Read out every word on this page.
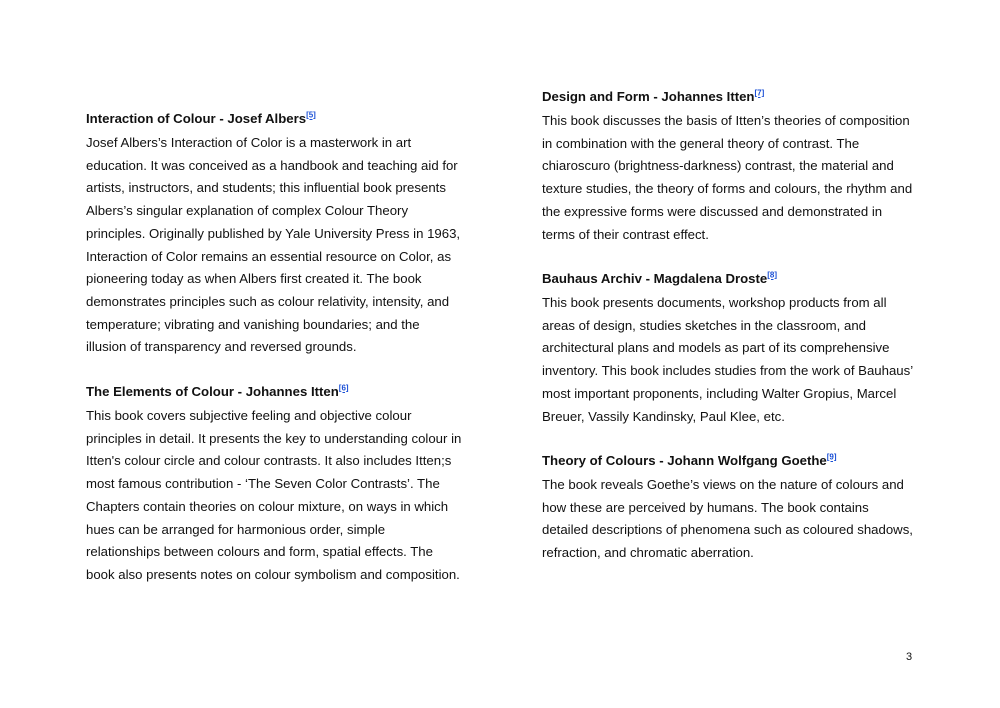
Interaction of Colour - Josef Albers[5]

Josef Albers’s Interaction of Color is a masterwork in art
education. It was conceived as a handbook and teaching aid for
artists, instructors, and students; this influential book presents
Albers’s singular explanation of complex Colour Theory
principles. Originally published by Yale University Press in 1963,
Interaction of Color remains an essential resource on Color, as
pioneering today as when Albers first created it. The book
demonstrates principles such as colour relativity, intensity, and
temperature; vibrating and vanishing boundaries; and the
illusion of transparency and reversed grounds.

The Elements of Colour - Johannes Itten[6]

This book covers subjective feeling and objective colour
principles in detail. It presents the key to understanding colour in
Itten's colour circle and colour contrasts. It also includes Itten;s
most famous contribution - ‘The Seven Color Contrasts’. The
Chapters contain theories on colour mixture, on ways in which
hues can be arranged for harmonious order, simple
relationships between colours and form, spatial effects. The
book also presents notes on colour symbolism and composition.

Design and Form - Johannes Itten[7]

This book discusses the basis of Itten’s theories of composition
in combination with the general theory of contrast. The
chiaroscuro (brightness-darkness) contrast, the material and
texture studies, the theory of forms and colours, the rhythm and
the expressive forms were discussed and demonstrated in
terms of their contrast effect.

Bauhaus Archiv - Magdalena Droste[8]

This book presents documents, workshop products from all
areas of design, studies sketches in the classroom, and
architectural plans and models as part of its comprehensive
inventory. This book includes studies from the work of Bauhaus’
most important proponents, including Walter Gropius, Marcel
Breuer, Vassily Kandinsky, Paul Klee, etc.

Theory of Colours - Johann Wolfgang Goethe[9]

The book reveals Goethe’s views on the nature of colours and
how these are perceived by humans. The book contains
detailed descriptions of phenomena such as coloured shadows,
refraction, and chromatic aberration.

3
